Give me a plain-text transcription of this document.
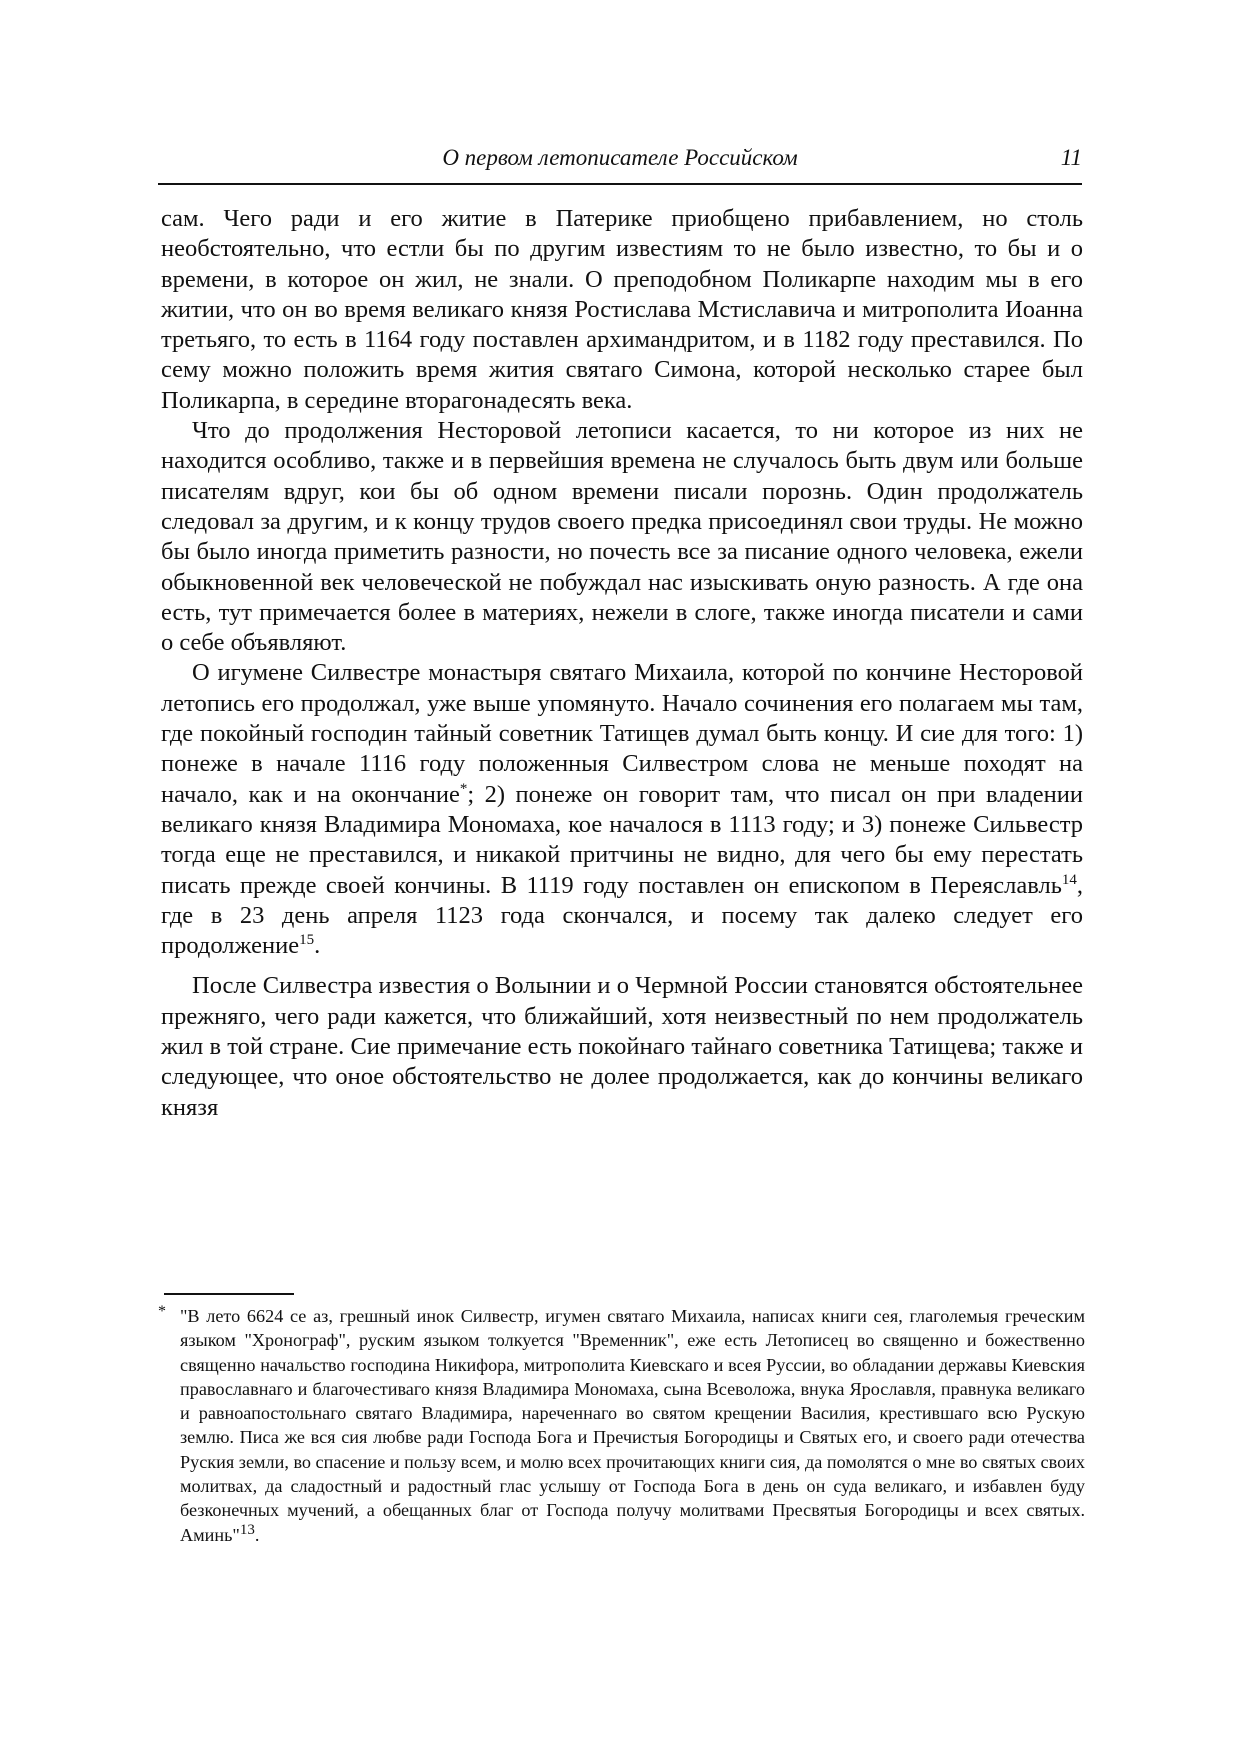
О первом летописателе Российском	11

сам. Чего ради и его житие в Патерике приобщено прибавлением, но столь необстоятельно, что естли бы по другим известиям то не было известно, то бы и о времени, в которое он жил, не знали. О преподобном Поликарпе находим мы в его житии, что он во время великаго князя Ростислава Мстиславича и митрополита Иоанна третьяго, то есть в 1164 году поставлен архимандритом, и в 1182 году преставился. По сему можно положить время жития святаго Симона, которой несколько старее был Поликарпа, в середине вторагонадесять века.

Что до продолжения Несторовой летописи касается, то ни которое из них не находится особливо, также и в первейшия времена не случалось быть двум или больше писателям вдруг, кои бы об одном времени писали порознь. Один продолжатель следовал за другим, и к концу трудов своего предка присоединял свои труды. Не можно бы было иногда приметить разности, но почесть все за писание одного человека, ежели обыкновенной век человеческой не побуждал нас изыскивать оную разность. А где она есть, тут примечается более в материях, нежели в слоге, также иногда писатели и сами о себе объявляют.

О игумене Силвестре монастыря святаго Михаила, которой по кончине Несторовой летопись его продолжал, уже выше упомянуто. Начало сочинения его полагаем мы там, где покойный господин тайный советник Татищев думал быть концу. И сие для того: 1) понеже в начале 1116 году положенныя Силвестром слова не меньше походят на начало, как и на окончание*; 2) понеже он говорит там, что писал он при владении великаго князя Владимира Мономаха, кое началося в 1113 году; и 3) понеже Сильвестр тогда еще не преставился, и никакой притчины не видно, для чего бы ему перестать писать прежде своей кончины. В 1119 году поставлен он епископом в Переяславль$^{14}$, где в 23 день апреля 1123 года скончался, и посему так далеко следует его продолжение$^{15}$.

После Силвестра известия о Волынии и о Чермной России становятся обстоятельнее прежняго, чего ради кажется, что ближайший, хотя неизвестный по нем продолжатель жил в той стране. Сие примечание есть покойнаго тайнаго советника Татищева; также и следующее, что оное обстоятельство не долее продолжается, как до кончины великаго князя

* "В лето 6624 се аз, грешный инок Силвестр, игумен святаго Михаила, написах книги сея, глаголемыя греческим языком "Хронограф", руским языком толкуется "Временник", еже есть Летописец во священно и божественно священно начальство господина Никифора, митрополита Киевскаго и всея Руссии, во обладании державы Киевския православнаго и благочестиваго князя Владимира Мономаха, сына Всеволожа, внука Ярославля, правнука великаго и равноапостольнаго святаго Владимира, нареченнаго во святом крещении Василия, крестившаго всю Рускую землю. Писа же вся сия любве ради Господа Бога и Пречистыя Богородицы и Святых его, и своего ради отечества Руския земли, во спасение и пользу всем, и молю всех прочитающих книги сия, да помолятся о мне во святых своих молитвах, да сладостный и радостный глас услышу от Господа Бога в день он суда великаго, и избавлен буду безконечных мучений, а обещанных благ от Господа получу молитвами Пресвятыя Богородицы и всех святых. Аминь"$^{13}$.
